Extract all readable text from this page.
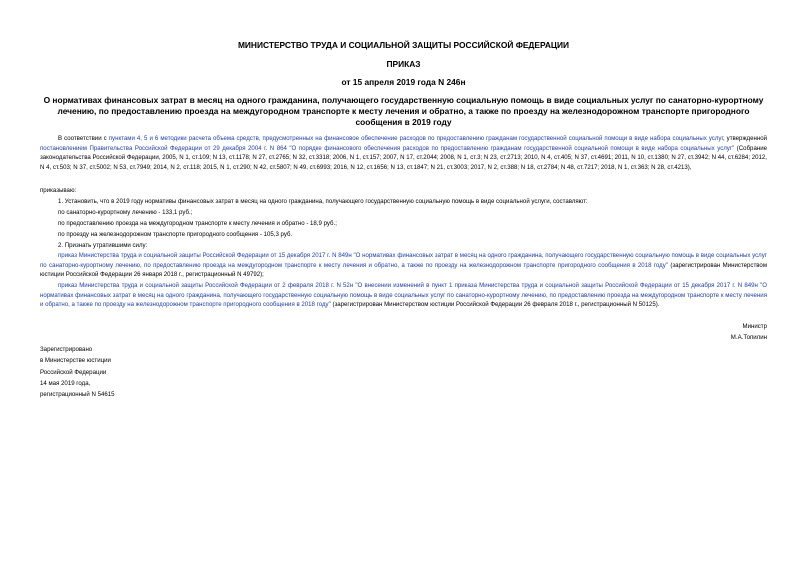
МИНИСТЕРСТВО ТРУДА И СОЦИАЛЬНОЙ ЗАЩИТЫ РОССИЙСКОЙ ФЕДЕРАЦИИ
ПРИКАЗ
от 15 апреля 2019 года N 246н
О нормативах финансовых затрат в месяц на одного гражданина, получающего государственную социальную помощь в виде социальных услуг по санаторно-курортному лечению, по предоставлению проезда на междугородном транспорте к месту лечения и обратно, а также по проезду на железнодорожном транспорте пригородного сообщения в 2019 году
В соответствии с пунктами 4, 5 и 6 методики расчета объема средств, предусмотренных на финансовое обеспечение расходов по предоставлению гражданам государственной социальной помощи в виде набора социальных услуг, утвержденной постановлением Правительства Российской Федерации от 29 декабря 2004 г. N 864 "О порядке финансового обеспечения расходов по предоставлению гражданам государственной социальной помощи в виде набора социальных услуг" (Собрание законодательства Российской Федерации, 2005, N 1, ст.109; N 13, ст.1178; N 27, ст.2765; N 32, ст.3318; 2006, N 1, ст.157; 2007, N 17, ст.2044; 2008, N 1, ст.3; N 23, ст.2713; 2010, N 4, ст.405; N 37, ст.4691; 2011, N 10, ст.1380; N 27, ст.3942; N 44, ст.6284; 2012, N 4, ст.503; N 37, ст.5002; N 53, ст.7949; 2014, N 2, ст.118; 2015, N 1, ст.290; N 42, ст.5807; N 49, ст.6993; 2016, N 12, ст.1656; N 13, ст.1847; N 21, ст.3003; 2017, N 2, ст.388; N 18, ст.2784; N 48, ст.7217; 2018, N 1, ст.363; N 28, ст.4213),
приказываю:
1. Установить, что в 2019 году нормативы финансовых затрат в месяц на одного гражданина, получающего государственную социальную помощь в виде социальной услуги, составляют:
по санаторно-курортному лечению - 133,1 руб.;
по предоставлению проезда на междугородном транспорте к месту лечения и обратно - 18,9 руб.;
по проезду на железнодорожном транспорте пригородного сообщения - 105,3 руб.
2. Признать утратившими силу:
приказ Министерства труда и социальной защиты Российской Федерации от 15 декабря 2017 г. N 849н "О нормативах финансовых затрат в месяц на одного гражданина, получающего государственную социальную помощь в виде социальных услуг по санаторно-курортному лечению, по предоставлению проезда на междугородном транспорте к месту лечения и обратно, а также по проезду на железнодорожном транспорте пригородного сообщения в 2018 году" (зарегистрирован Министерством юстиции Российской Федерации 26 января 2018 г., регистрационный N 49792);
приказ Министерства труда и социальной защиты Российской Федерации от 2 февраля 2018 г. N 52н "О внесении изменений в пункт 1 приказа Министерства труда и социальной защиты Российской Федерации от 15 декабря 2017 г. N 849н "О нормативах финансовых затрат в месяц на одного гражданина, получающего государственную социальную помощь в виде социальных услуг по санаторно-курортному лечению, по предоставлению проезда на междугородном транспорте к месту лечения и обратно, а также по проезду на железнодорожном транспорте пригородного сообщения в 2018 году" (зарегистрирован Министерством юстиции Российской Федерации 26 февраля 2018 г., регистрационный N 50125).
Министр
М.А.Топилин
Зарегистрировано
в Министерстве юстиции
Российской Федерации
14 мая 2019 года,
регистрационный N 54615
